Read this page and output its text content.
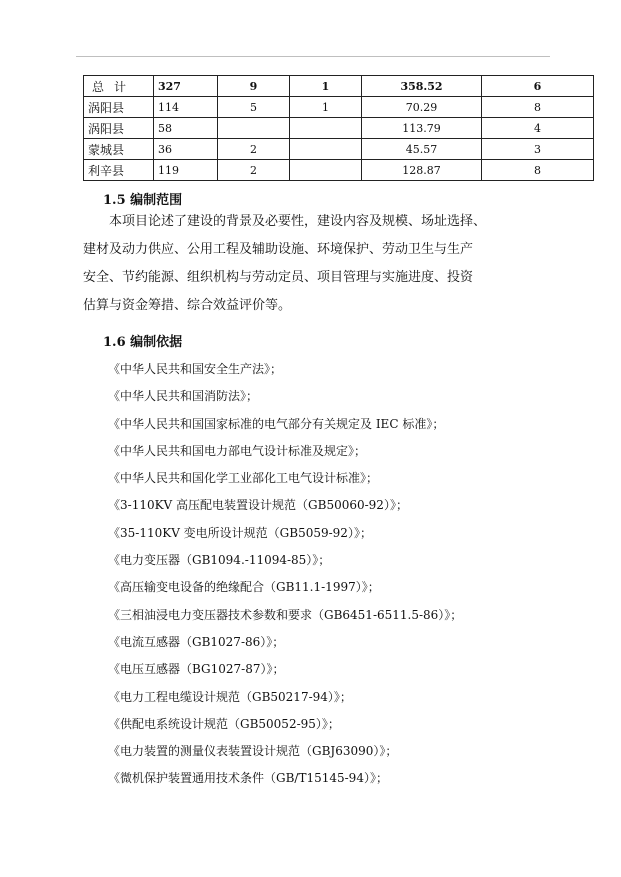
总计	327	9	1	358.52	6
涡阳县	114	5	1	70.29	8
涡阳县	58			113.79	4
蒙城县	36	2		45.57	3
利辛县	119	2		128.87	8
1.5 编制范围
本项目论述了建设的背景及必要性，建设内容及规模、场址选择、
建材及动力供应、公用工程及辅助设施、环境保护、劳动卫生与生产
安全、节约能源、组织机构与劳动定员、项目管理与实施进度、投资
估算与资金筹措、综合效益评价等。
1.6 编制依据
《中华人民共和国安全生产法》；
《中华人民共和国消防法》；
《中华人民共和国国家标准的电气部分有关规定及 IEC 标准》；
《中华人民共和国电力部电气设计标准及规定》；
《中华人民共和国化学工业部化工电气设计标准》；
《3-110KV 高压配电装置设计规范（GB50060-92）》；
《35-110KV 变电所设计规范（GB5059-92）》；
《电力变压器（GB1094.-11094-85）》；
《高压输变电设备的绝缘配合（GB11.1-1997）》；
《三相油浸电力变压器技术参数和要求（GB6451-6511.5-86）》；
《电流互感器（GB1027-86）》；
《电压互感器（BG1027-87）》；
《电力工程电缆设计规范（GB50217-94）》；
《供配电系统设计规范（GB50052-95）》；
《电力装置的测量仪表装置设计规范（GBJ63090）》；
《微机保护装置通用技术条件（GB/T15145-94）》；
